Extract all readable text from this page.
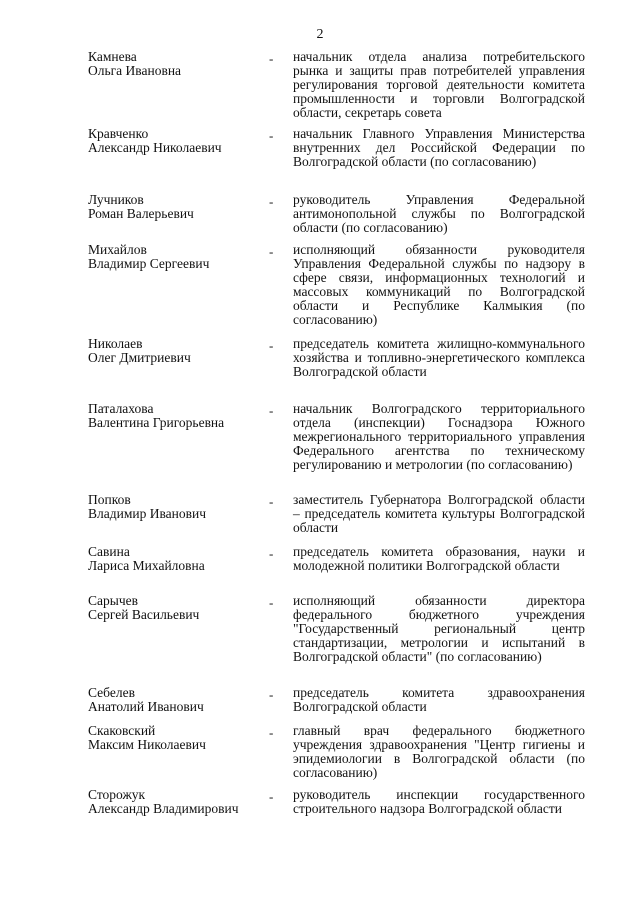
2
Камнева
Ольга Ивановна
- начальник отдела анализа потребительского рынка и защиты прав потребителей управления регулирования торговой деятельности комитета промышленности и торговли Волгоградской области, секретарь совета
Кравченко
Александр Николаевич
- начальник Главного Управления Министерства внутренних дел Российской Федерации по Волгоградской области (по согласованию)
Лучников
Роман Валерьевич
- руководитель Управления Федеральной антимонопольной службы по Волгоградской области (по согласованию)
Михайлов
Владимир Сергеевич
- исполняющий обязанности руководителя Управления Федеральной службы по надзору в сфере связи, информационных технологий и массовых коммуникаций по Волгоградской области и Республике Калмыкия (по согласованию)
Николаев
Олег Дмитриевич
- председатель комитета жилищно-коммунального хозяйства и топливно-энергетического комплекса Волгоградской области
Паталахова
Валентина Григорьевна
- начальник Волгоградского территориального отдела (инспекции) Госнадзора Южного межрегионального территориального управления Федерального агентства по техническому регулированию и метрологии (по согласованию)
Попков
Владимир Иванович
- заместитель Губернатора Волгоградской области – председатель комитета культуры Волгоградской области
Савина
Лариса Михайловна
- председатель комитета образования, науки и молодежной политики Волгоградской области
Сарычев
Сергей Васильевич
- исполняющий обязанности директора федерального бюджетного учреждения "Государственный региональный центр стандартизации, метрологии и испытаний в Волгоградской области" (по согласованию)
Себелев
Анатолий Иванович
- председатель комитета здравоохранения Волгоградской области
Скаковский
Максим Николаевич
- главный врач федерального бюджетного учреждения здравоохранения "Центр гигиены и эпидемиологии в Волгоградской области (по согласованию)
Сторожук
Александр Владимирович
- руководитель инспекции государственного строительного надзора Волгоградской области
